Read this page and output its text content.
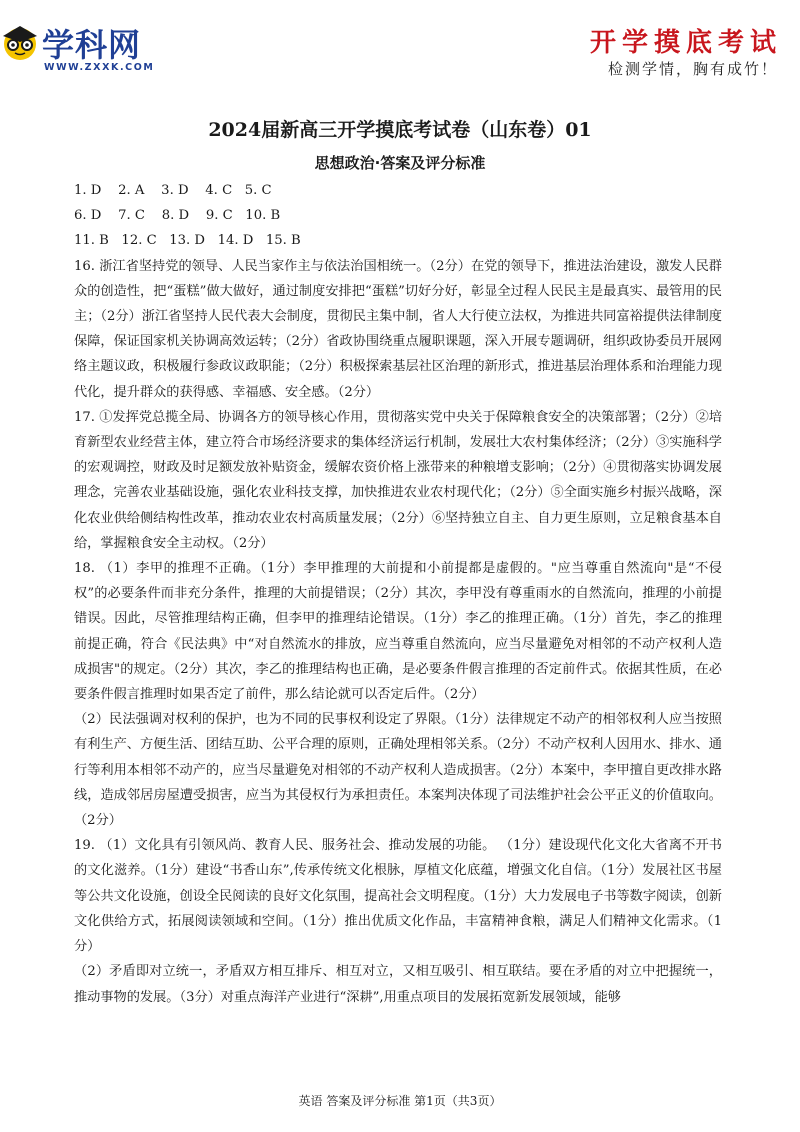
学科网
WWW.ZXXK.COM
开学摸底考试
检测学情，胸有成竹！
2024届新高三开学摸底考试卷（山东卷）01
思想政治·答案及评分标准
1. D    2. A    3. D    4. C   5. C
6. D    7. C    8. D    9. C   10. B
11. B   12. C   13. D   14. D   15. B
16. 浙江省坚持党的领导、人民当家作主与依法治国相统一。（2分）在党的领导下，推进法治建设，激发人民群众的创造性，把“蛋糕”做大做好，通过制度安排把“蛋糕”切好分好，彰显全过程人民民主是最真实、最管用的民主；（2分）浙江省坚持人民代表大会制度，贯彻民主集中制，省人大行使立法权，为推进共同富裕提供法律制度保障，保证国家机关协调高效运转；（2分）省政协围绕重点履职课题，深入开展专题调研，组织政协委员开展网络主题议政，积极履行参政议政职能；（2分）积极探索基层社区治理的新形式，推进基层治理体系和治理能力现代化，提升群众的获得感、幸福感、安全感。（2分）
17. ①发挥党总揽全局、协调各方的领导核心作用，贯彻落实党中央关于保障粮食安全的决策部署；（2分）②培育新型农业经营主体，建立符合市场经济要求的集体经济运行机制，发展壮大农村集体经济；（2分）③实施科学的宏观调控，财政及时足额发放补贴资金，缓解农资价格上涨带来的种粮增支影响；（2分）④贯彻落实协调发展理念，完善农业基础设施，强化农业科技支撑，加快推进农业农村现代化；（2分）⑤全面实施乡村振兴战略，深化农业供给侧结构性改革，推动农业农村高质量发展；（2分）⑥坚持独立自主、自力更生原则，立足粮食基本自给，掌握粮食安全主动权。（2分）
18. （1）李甲的推理不正确。（1分）李甲推理的大前提和小前提都是虚假的。"应当尊重自然流向"是“不侵权”的必要条件而非充分条件，推理的大前提错误；（2分）其次，李甲没有尊重雨水的自然流向，推理的小前提错误。因此，尽管推理结构正确，但李甲的推理结论错误。（1分）李乙的推理正确。（1分）首先，李乙的推理前提正确，符合《民法典》中“对自然流水的排放，应当尊重自然流向，应当尽量避免对相邻的不动产权利人造成损害"的规定。（2分）其次，李乙的推理结构也正确，是必要条件假言推理的否定前件式。依据其性质，在必要条件假言推理时如果否定了前件，那么结论就可以否定后件。（2分）
（2）民法强调对权利的保护，也为不同的民事权利设定了界限。（1分）法律规定不动产的相邻权利人应当按照有利生产、方便生活、团结互助、公平合理的原则，正确处理相邻关系。（2分）不动产权利人因用水、排水、通行等利用本相邻不动产的，应当尽量避免对相邻的不动产权利人造成损害。（2分）本案中，李甲擅自更改排水路线，造成邻居房屋遭受损害，应当为其侵权行为承担责任。本案判决体现了司法维护社会公平正义的价值取向。（2分）
19. （1）文化具有引领风尚、教育人民、服务社会、推动发展的功能。 （1分）建设现代化文化大省离不开书的文化滋养。（1分）建设“书香山东”,传承传统文化根脉，厚植文化底蕴，增强文化自信。（1分）发展社区书屋等公共文化设施，创设全民阅读的良好文化氛围，提高社会文明程度。（1分）大力发展电子书等数字阅读，创新文化供给方式，拓展阅读领域和空间。（1分）推出优质文化作品，丰富精神食粮，满足人们精神文化需求。（1分）
（2）矛盾即对立统一，矛盾双方相互排斥、相互对立，又相互吸引、相互联结。要在矛盾的对立中把握统一，推动事物的发展。（3分）对重点海洋产业进行“深耕”,用重点项目的发展拓宽新发展领域，能够
英语 答案及评分标准 第1页（共3页）
